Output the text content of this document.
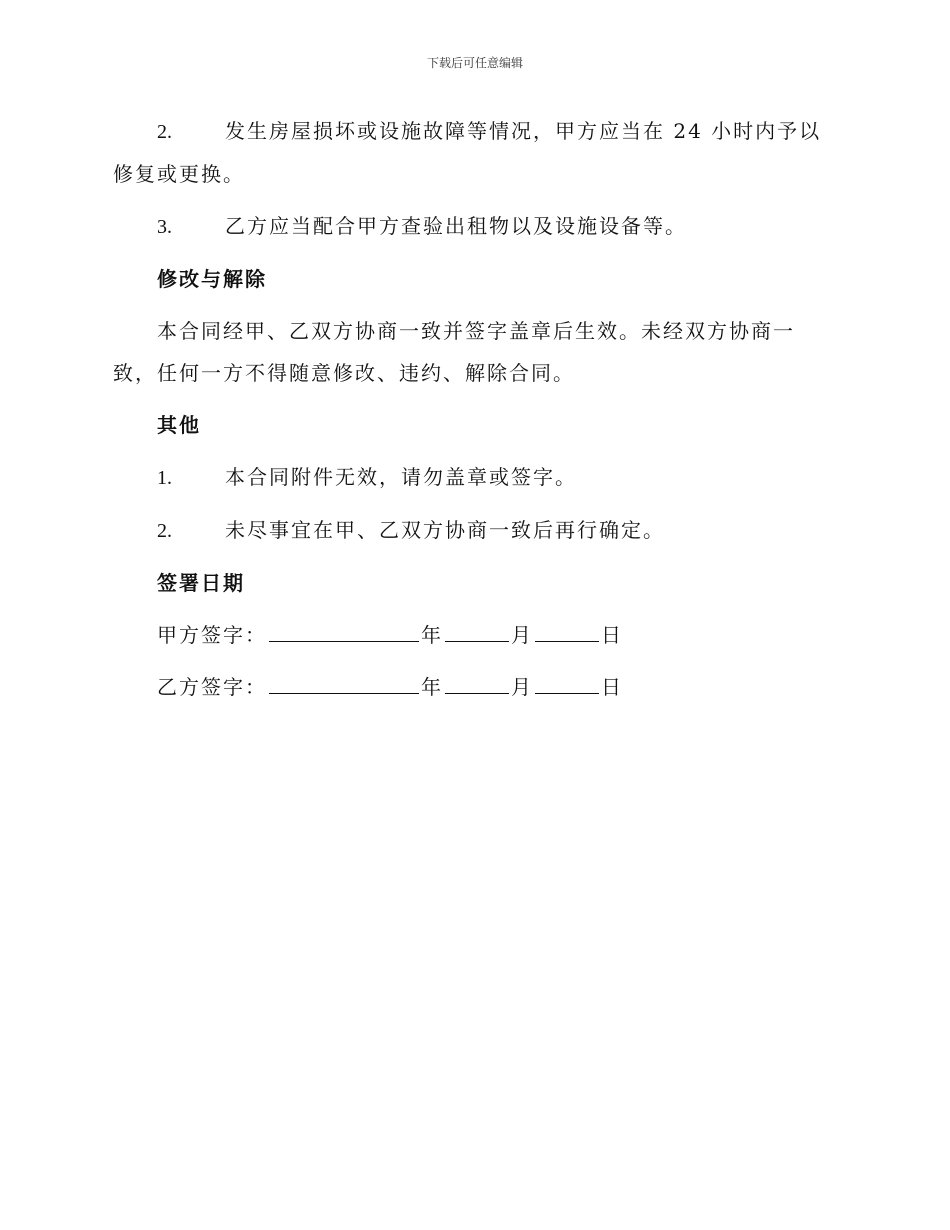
下载后可任意编辑

2.	发生房屋损坏或设施故障等情况，甲方应当在 24 小时内予以修复或更换。

3.	乙方应当配合甲方查验出租物以及设施设备等。

修改与解除

本合同经甲、乙双方协商一致并签字盖章后生效。未经双方协商一致，任何一方不得随意修改、违约、解除合同。

其他

1.	本合同附件无效，请勿盖章或签字。

2.	未尽事宜在甲、乙双方协商一致后再行确定。

签署日期
甲方签字：	年	月	日
乙方签字：	年	月	日
